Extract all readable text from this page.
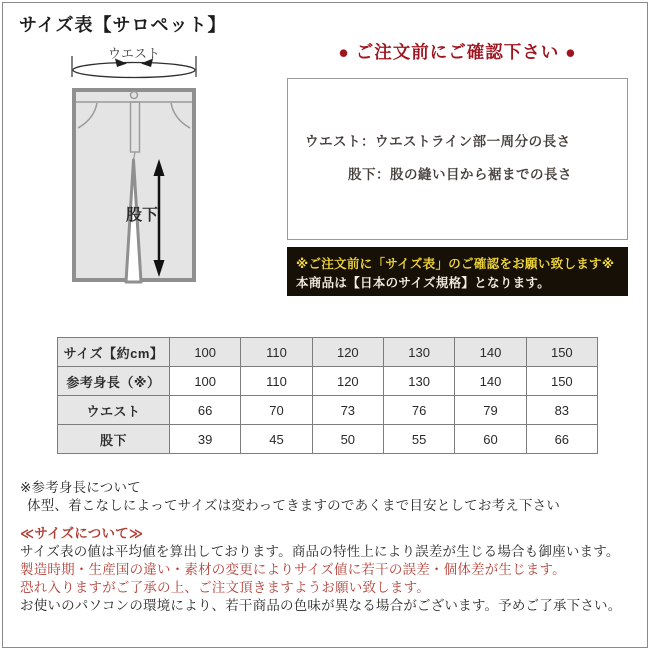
サイズ表【サロペット】
ウエスト
股下
● ご注文前にご確認下さい ●
ウエスト：ウエストライン部一周分の長さ
股下：股の縫い目から裾までの長さ
※ご注文前に「サイズ表」のご確認をお願い致します※
本商品は【日本のサイズ規格】となります。
サイズ【約cm】	100	110	120	130	140	150
参考身長（※）	100	110	120	130	140	150
ウエスト	66	70	73	76	79	83
股下	39	45	50	55	60	66
※参考身長について
体型、着こなしによってサイズは変わってきますのであくまで目安としてお考え下さい
≪サイズについて≫
サイズ表の値は平均値を算出しております。商品の特性上により誤差が生じる場合も御座います。
製造時期・生産国の違い・素材の変更によりサイズ値に若干の誤差・個体差が生じます。
恐れ入りますがご了承の上、ご注文頂きますようお願い致します。
お使いのパソコンの環境により、若干商品の色味が異なる場合がございます。予めご了承下さい。
